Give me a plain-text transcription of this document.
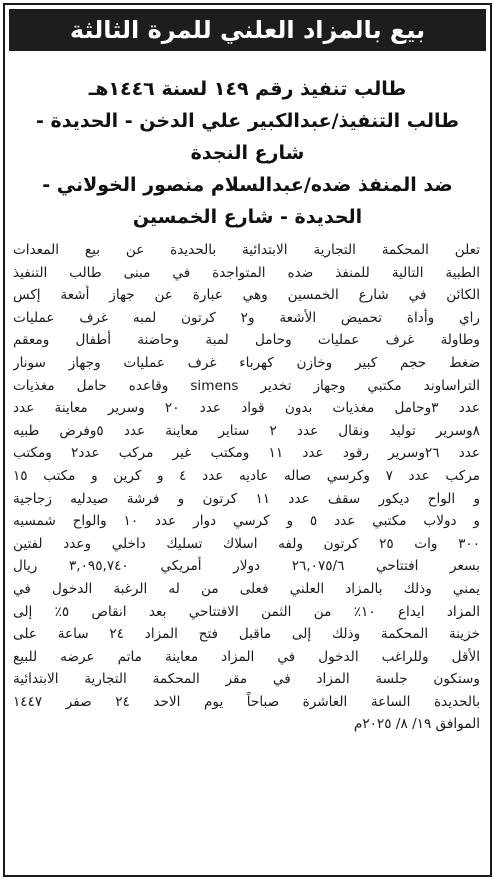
بيع بالمزاد العلني للمرة الثالثة
طالب تنفيذ رقم ١٤٩ لسنة ١٤٤٦هـ
طالب التنفيذ/عبدالكبير علي الدخن - الحديدة -
شارع النجدة
ضد المنفذ ضده/عبدالسلام منصور الخولاني -
الحديدة - شارع الخمسين
تعلن المحكمة التجارية الابتدائية بالحديدة عن بيع المعدات
الطبية التالية للمنفذ ضده المتواجدة في مبنى طالب التنفيذ
الكائن في شارع الخمسين وهي عبارة عن جهاز أشعة إكس
راي وأداة تحميض الأشعة و٢ كرتون لمبه غرف عمليات
وطاولة غرف عمليات وحامل لمبة وحاضنة أطفال ومعقم
ضغط حجم كبير وخازن كهرباء غرف عمليات وجهاز سونار
التراساوند مكتبي وجهاز تخدير simens وقاعده حامل مغذيات
عدد ٣وحامل مغذيات بدون قواد عدد ٢٠ وسرير معاينة عدد
٨وسرير توليد ونقال عدد ٢ ستاير معاينة عدد ٥وفرض طبيه
عدد ٢٦وسرير رقود عدد ١١ ومكتب غير مركب عدد٢ ومكتب
مركب عدد ٧ وكرسي صاله عاديه عدد ٤ و كرين و مكتب ١٥
و الواح ديكور سقف عدد ١١ كرتون و فرشة صيدليه زجاجية
و دولاب مكتبي عدد ٥ و كرسي دوار عدد ١٠ والواح شمسيه
٣٠٠ وات ٢٥ كرتون ولفه اسلاك تسليك داخلي وعدد لفتين
بسعر افتتاحي ٢٦,٠٧٥/٦ دولار أمريكي ٣,٠٩٥,٧٤٠ ريال
يمني وذلك بالمزاد العلني فعلى من له الرغبة الدخول في
المزاد ايداع ١٠٪ من الثمن الافتتاحي بعد انقاص ٥٪ إلى
خزينة المحكمة وذلك إلى ماقبل فتح المزاد ٢٤ ساعة على
الأقل وللراغب الدخول في المزاد معاينة ماتم عرضه للبيع
وستكون جلسة المزاد في مقر المحكمة التجارية الابتدائية
بالحديدة الساعة العاشرة صباحاً يوم الاحد ٢٤ صفر ١٤٤٧
الموافق ١٩/ ٨/ ٢٠٢٥م
